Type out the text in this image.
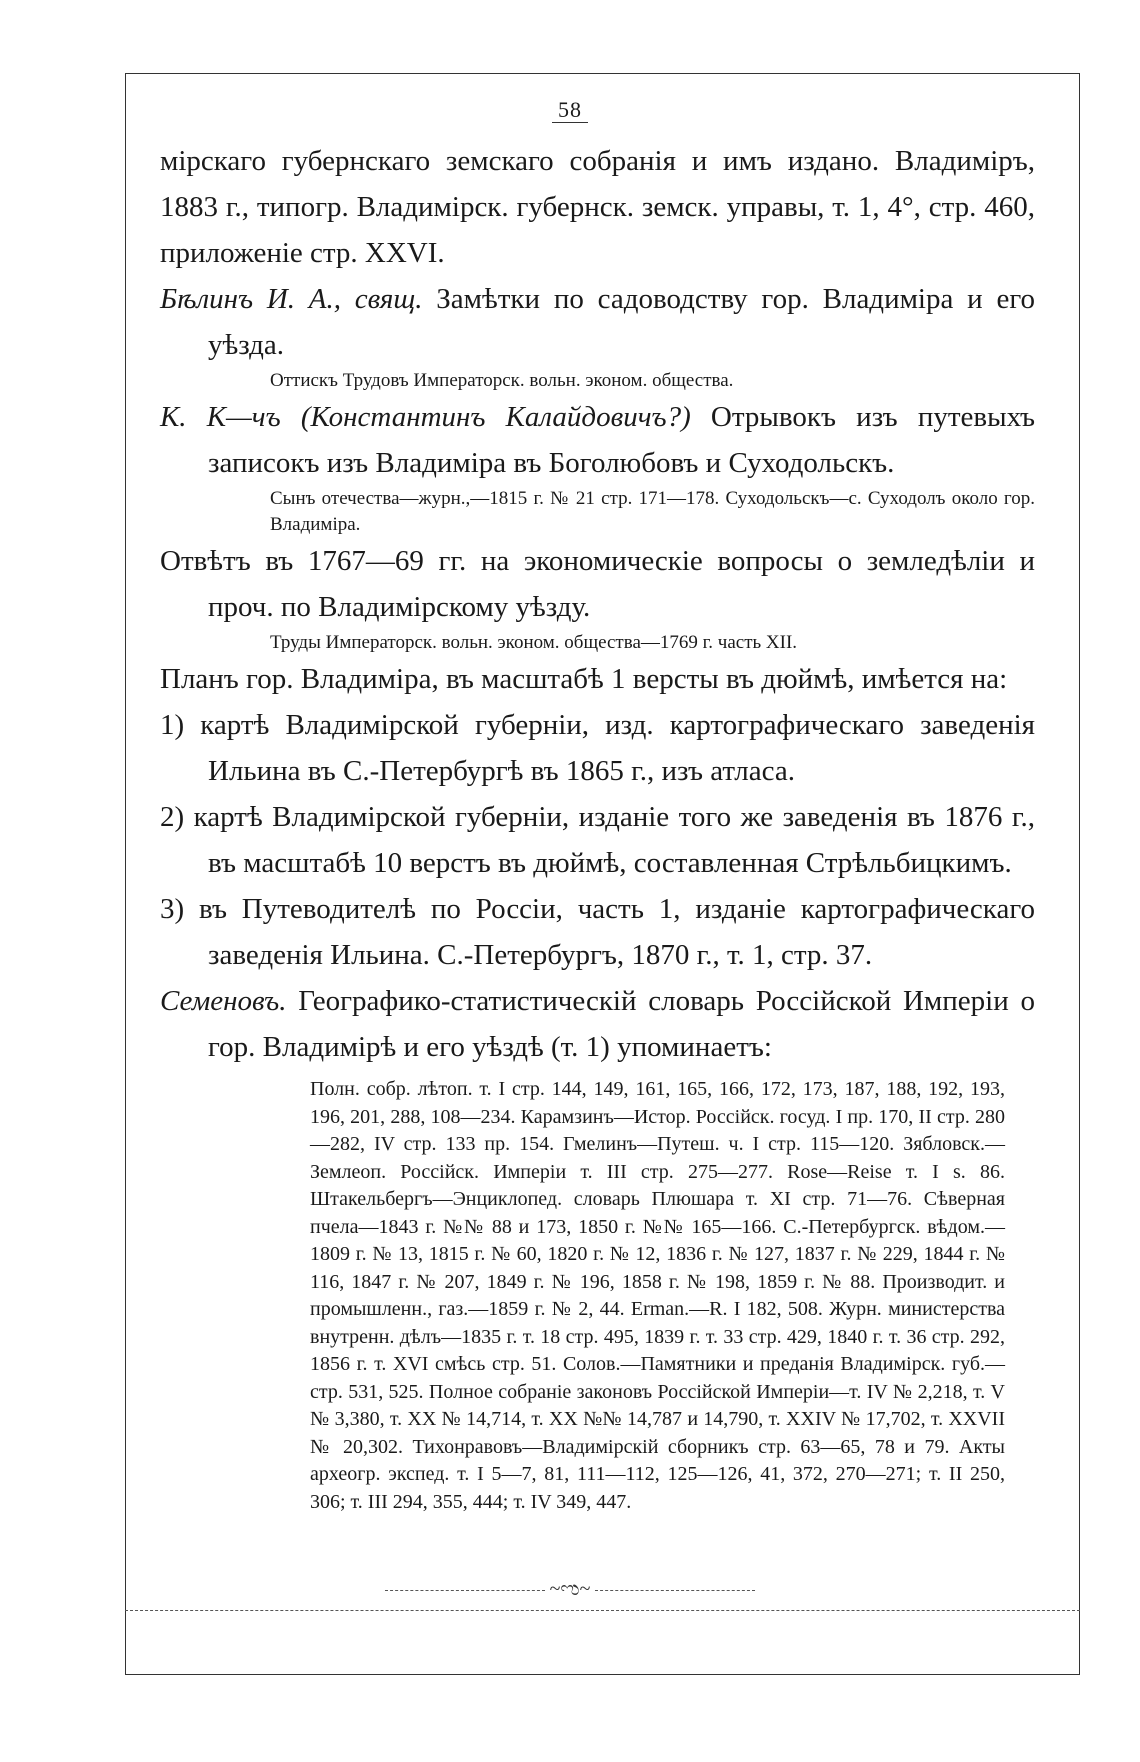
58

мірскаго губернскаго земскаго собранія и имъ издано. Владиміръ, 1883 г., типогр. Владимірск. губернск. земск. управы, т. 1, 4°, стр. 460, приложеніе стр. XXVI.

Бѣлинъ И. А., свящ. Замѣтки по садоводству гор. Владиміра и его уѣзда.

Оттискъ Трудовъ Императорск. вольн. эконом. общества.

К. К—чъ (Константинъ Калайдовичъ?) Отрывокъ изъ путевыхъ записокъ изъ Владиміра въ Боголюбовъ и Суходольскъ.

Сынъ отечества—журн.,—1815 г. № 21 стр. 171—178. Суходольскъ—с. Суходолъ около гор. Владиміра.

Отвѣтъ въ 1767—69 гг. на экономическіе вопросы о земледѣліи и проч. по Владимірскому уѣзду.

Труды Императорск. вольн. эконом. общества—1769 г. часть XII.

Планъ гор. Владиміра, въ масштабѣ 1 версты въ дюймѣ, имѣется на:

1) картѣ Владимірской губерніи, изд. картографическаго заведенія Ильина въ С.-Петербургѣ въ 1865 г., изъ атласа.

2) картѣ Владимірской губерніи, изданіе того же заведенія въ 1876 г., въ масштабѣ 10 верстъ въ дюймѣ, составленная Стрѣльбицкимъ.

3) въ Путеводителѣ по Россіи, часть 1, изданіе картографическаго заведенія Ильина. С.-Петербургъ, 1870 г., т. 1, стр. 37.

Семеновъ. Географико-статистическій словарь Россійской Имперіи о гор. Владимірѣ и его уѣздѣ (т. 1) упоминаетъ:

Полн. собр. лѣтоп. т. I стр. 144, 149, 161, 165, 166, 172, 173, 187, 188, 192, 193, 196, 201, 288, 108—234. Карамзинъ—Истор. Россійск. госуд. I пр. 170, II стр. 280—282, IV стр. 133 пр. 154. Гмелинъ—Путеш. ч. I стр. 115—120. Зябловск.—Землеоп. Россійск. Имперіи т. III стр. 275—277. Rose—Reise т. I s. 86. Штакельбергъ—Энциклопед. словарь Плюшара т. XI стр. 71—76. Сѣверная пчела—1843 г. №№ 88 и 173, 1850 г. №№ 165—166. С.-Петербургск. вѣдом.—1809 г. № 13, 1815 г. № 60, 1820 г. № 12, 1836 г. № 127, 1837 г. № 229, 1844 г. № 116, 1847 г. № 207, 1849 г. № 196, 1858 г. № 198, 1859 г. № 88. Производит. и промышленн., газ.—1859 г. № 2, 44. Erman.—R. I 182, 508. Журн. министерства внутренн. дѣлъ—1835 г. т. 18 стр. 495, 1839 г. т. 33 стр. 429, 1840 г. т. 36 стр. 292, 1856 г. т. XVI смѣсь стр. 51. Солов.—Памятники и преданія Владимірск. губ.—стр. 531, 525. Полное собраніе законовъ Россійской Имперіи—т. IV № 2,218, т. V № 3,380, т. XX № 14,714, т. XX №№ 14,787 и 14,790, т. XXIV № 17,702, т. XXVII № 20,302. Тихонравовъ—Владимірскій сборникъ стр. 63—65, 78 и 79. Акты археогр. экспед. т. I 5—7, 81, 111—112, 125—126, 41, 372, 270—271; т. II 250, 306; т. III 294, 355, 444; т. IV 349, 447.

~ಌ~
